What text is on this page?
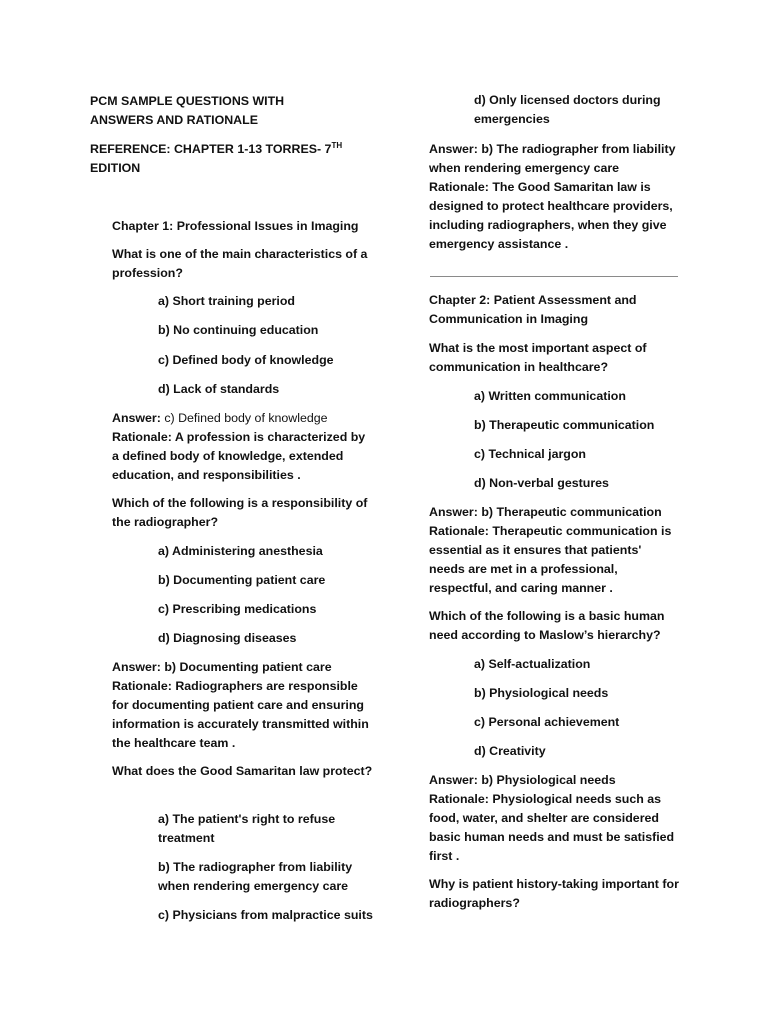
PCM SAMPLE QUESTIONS WITH ANSWERS AND RATIONALE
REFERENCE: CHAPTER 1-13 TORRES- 7TH
EDITION
Chapter 1: Professional Issues in Imaging
What is one of the main characteristics of a profession?
a) Short training period
b) No continuing education
c) Defined body of knowledge
d) Lack of standards
Answer: c) Defined body of knowledge
Rationale: A profession is characterized by a defined body of knowledge, extended education, and responsibilities .
Which of the following is a responsibility of the radiographer?
a) Administering anesthesia
b) Documenting patient care
c) Prescribing medications
d) Diagnosing diseases
Answer: b) Documenting patient care
Rationale: Radiographers are responsible for documenting patient care and ensuring information is accurately transmitted within the healthcare team .
What does the Good Samaritan law protect?
a) The patient's right to refuse treatment
b) The radiographer from liability when rendering emergency care
c) Physicians from malpractice suits
d) Only licensed doctors during emergencies
Answer: b) The radiographer from liability when rendering emergency care
Rationale: The Good Samaritan law is designed to protect healthcare providers, including radiographers, when they give emergency assistance .
Chapter 2: Patient Assessment and Communication in Imaging
What is the most important aspect of communication in healthcare?
a) Written communication
b) Therapeutic communication
c) Technical jargon
d) Non-verbal gestures
Answer: b) Therapeutic communication
Rationale: Therapeutic communication is essential as it ensures that patients' needs are met in a professional, respectful, and caring manner .
Which of the following is a basic human need according to Maslow’s hierarchy?
a) Self-actualization
b) Physiological needs
c) Personal achievement
d) Creativity
Answer: b) Physiological needs
Rationale: Physiological needs such as food, water, and shelter are considered basic human needs and must be satisfied first .
Why is patient history-taking important for radiographers?
